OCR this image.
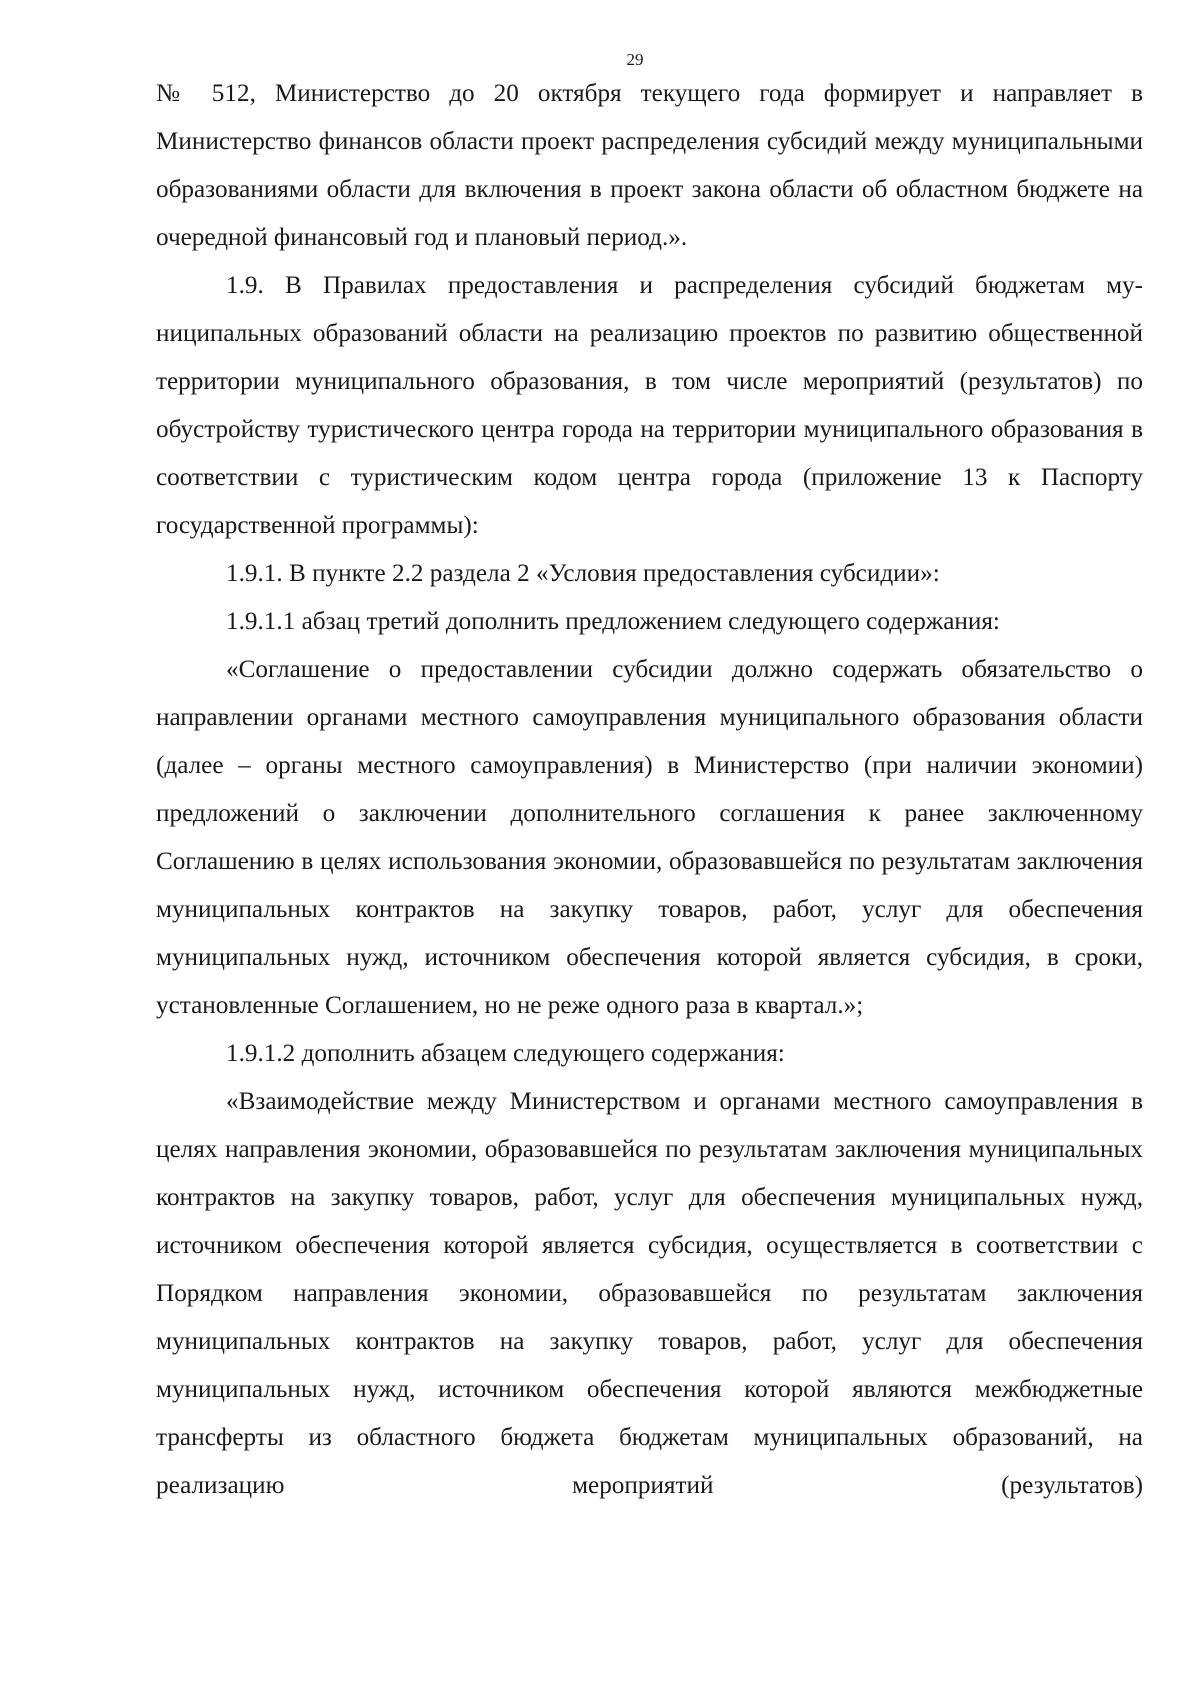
29

№ 512, Министерство до 20 октября текущего года формирует и направляет в Министерство финансов области проект распределения субсидий между муниципальными образованиями области для включения в проект закона области об областном бюджете на очередной финансовый год и плановый период.».

1.9. В Правилах предоставления и распределения субсидий бюджетам муниципальных образований области на реализацию проектов по развитию общественной территории муниципального образования, в том числе мероприятий (результатов) по обустройству туристического центра города на территории муниципального образования в соответствии с туристическим кодом центра города (приложение 13 к Паспорту государственной программы):

1.9.1. В пункте 2.2 раздела 2 «Условия предоставления субсидии»:

1.9.1.1 абзац третий дополнить предложением следующего содержания:

«Соглашение о предоставлении субсидии должно содержать обязательство о направлении органами местного самоуправления муниципального образования области (далее – органы местного самоуправления) в Министерство (при наличии экономии) предложений о заключении дополнительного соглашения к ранее заключенному Соглашению в целях использования экономии, образовавшейся по результатам заключения муниципальных контрактов на закупку товаров, работ, услуг для обеспечения муниципальных нужд, источником обеспечения которой является субсидия, в сроки, установленные Соглашением, но не реже одного раза в квартал.»;

1.9.1.2 дополнить абзацем следующего содержания:

«Взаимодействие между Министерством и органами местного самоуправления в целях направления экономии, образовавшейся по результатам заключения муниципальных контрактов на закупку товаров, работ, услуг для обеспечения муниципальных нужд, источником обеспечения которой является субсидия, осуществляется в соответствии с Порядком направления экономии, образовавшейся по результатам заключения муниципальных контрактов на закупку товаров, работ, услуг для обеспечения муниципальных нужд, источником обеспечения которой являются межбюджетные трансферты из областного бюджета бюджетам муниципальных образований, на реализацию мероприятий (результатов)
